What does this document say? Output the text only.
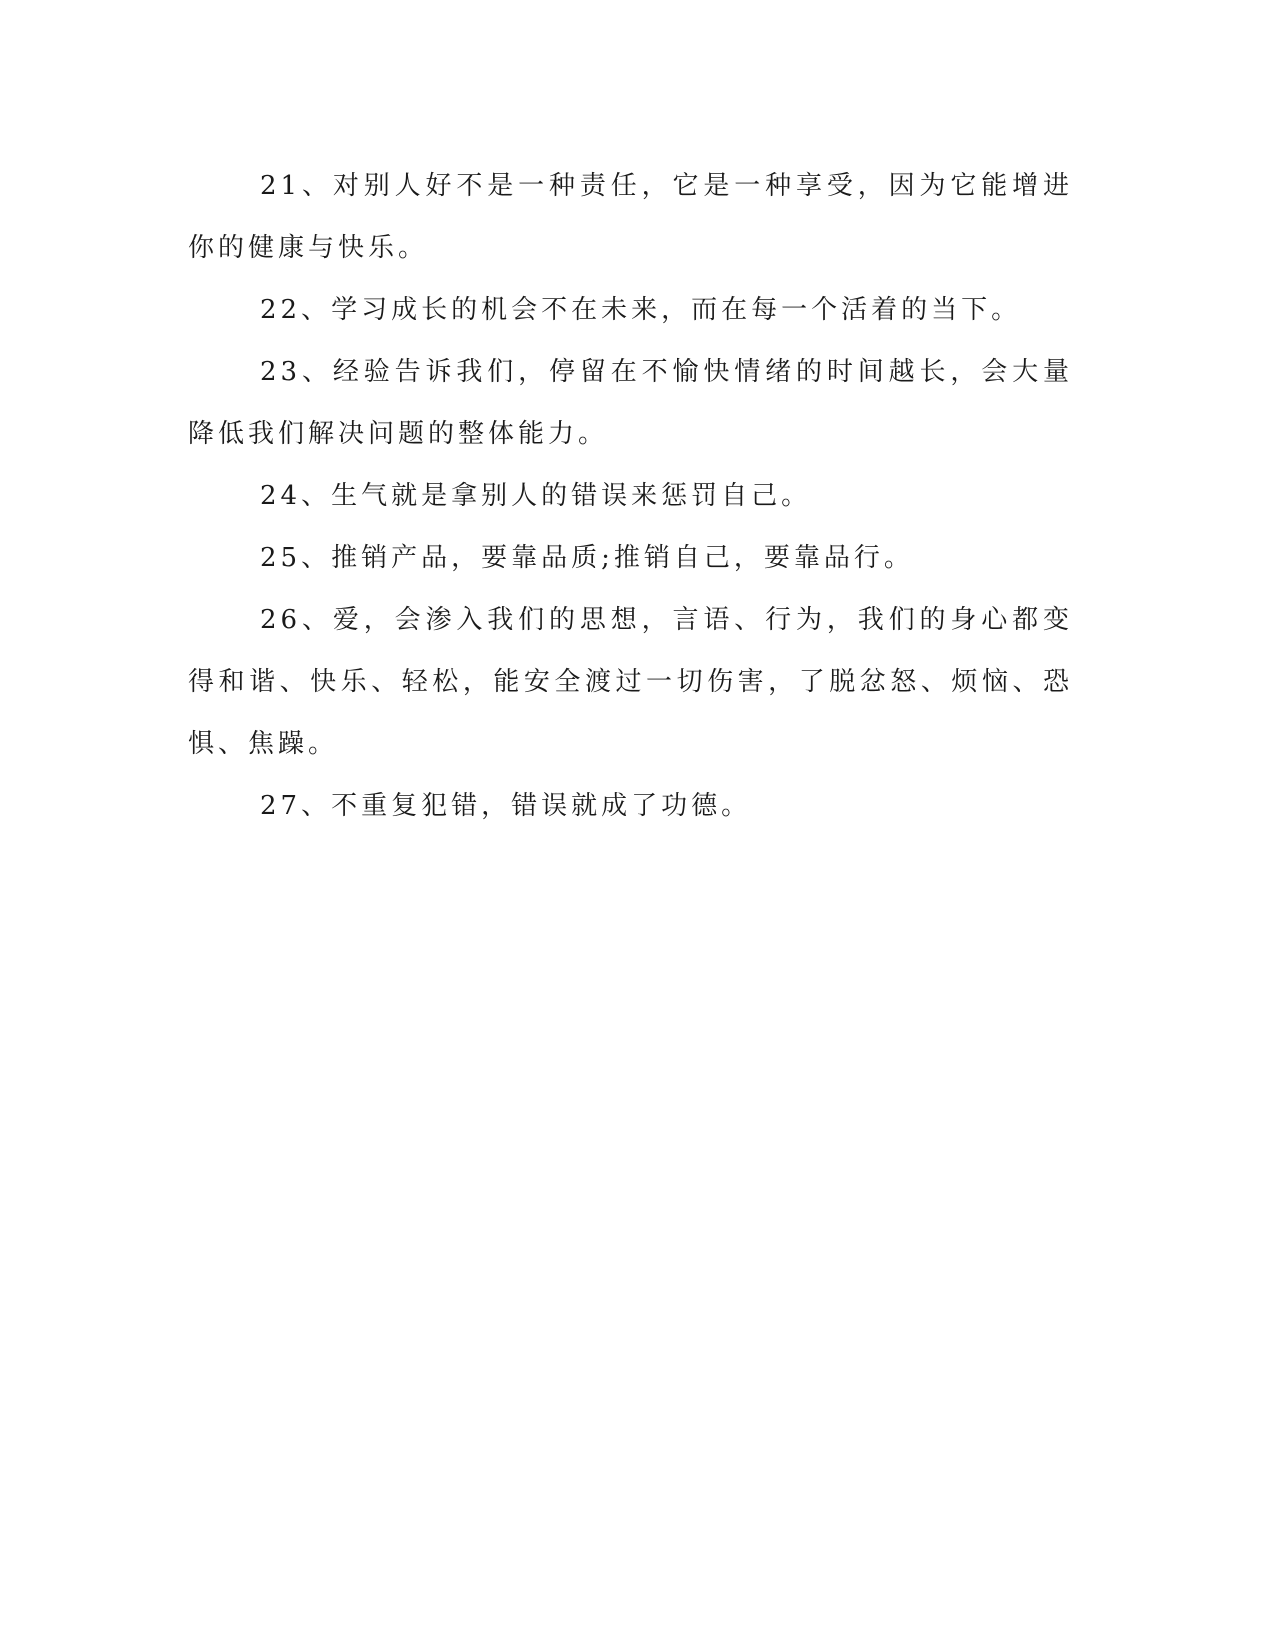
21、对别人好不是一种责任，它是一种享受，因为它能增进你的健康与快乐。

22、学习成长的机会不在未来，而在每一个活着的当下。

23、经验告诉我们，停留在不愉快情绪的时间越长，会大量降低我们解决问题的整体能力。

24、生气就是拿别人的错误来惩罚自己。

25、推销产品，要靠品质;推销自己，要靠品行。

26、爱，会渗入我们的思想，言语、行为，我们的身心都变得和谐、快乐、轻松，能安全渡过一切伤害，了脱忿怒、烦恼、恐惧、焦躁。

27、不重复犯错，错误就成了功德。
